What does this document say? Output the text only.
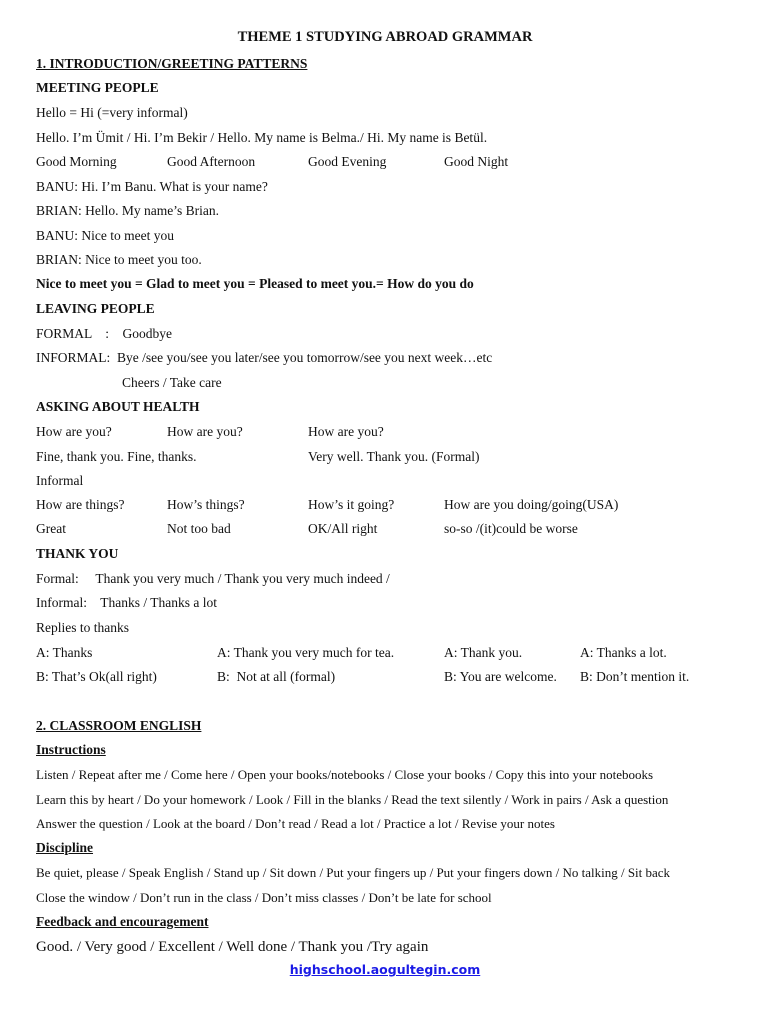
THEME 1 STUDYING ABROAD GRAMMAR
1. INTRODUCTION/GREETING PATTERNS
MEETING PEOPLE
Hello = Hi (=very informal)
Hello. I’m Ümit / Hi. I’m Bekir / Hello. My name is Belma./ Hi. My name is Betül.
Good Morning	Good Afternoon	Good Evening	Good Night
BANU: Hi. I’m Banu. What is your name?
BRIAN: Hello. My name’s Brian.
BANU: Nice to meet you
BRIAN: Nice to meet you too.
Nice to meet you = Glad to meet you = Pleased to meet you.= How do you do
LEAVING PEOPLE
FORMAL    :    Goodbye
INFORMAL:  Bye /see you/see you later/see you tomorrow/see you next week…etc
Cheers / Take care
ASKING ABOUT HEALTH
How are you?	How are you?	How are you?
Fine, thank you. Fine, thanks.	Very well. Thank you. (Formal)
Informal
How are things?	How’s things?	How’s it going?	How are you doing/going(USA)
Great	Not too bad	OK/All right	so-so /(it)could be worse
THANK YOU
Formal:     Thank you very much / Thank you very much indeed /
Informal:    Thanks / Thanks a lot
Replies to thanks
A: Thanks	A: Thank you very much for tea.	A: Thank you.	A: Thanks a lot.
B: That’s Ok(all right)	B:  Not at all (formal)	B: You are welcome. B: Don’t mention it.
2. CLASSROOM ENGLISH
Instructions
Listen / Repeat after me / Come here / Open your books/notebooks / Close your books / Copy this into your notebooks
Learn this by heart / Do your homework / Look / Fill in the blanks / Read the text silently / Work in pairs / Ask a question
Answer the question / Look at the board / Don’t read / Read a lot / Practice a lot / Revise your notes
Discipline
Be quiet, please / Speak English / Stand up / Sit down / Put your fingers up / Put your fingers down / No talking / Sit back
Close the window / Don’t run in the class / Don’t miss classes / Don’t be late for school
Feedback and encouragement
Good. / Very good / Excellent / Well done / Thank you /Try again
highschool.aogultegin.com
